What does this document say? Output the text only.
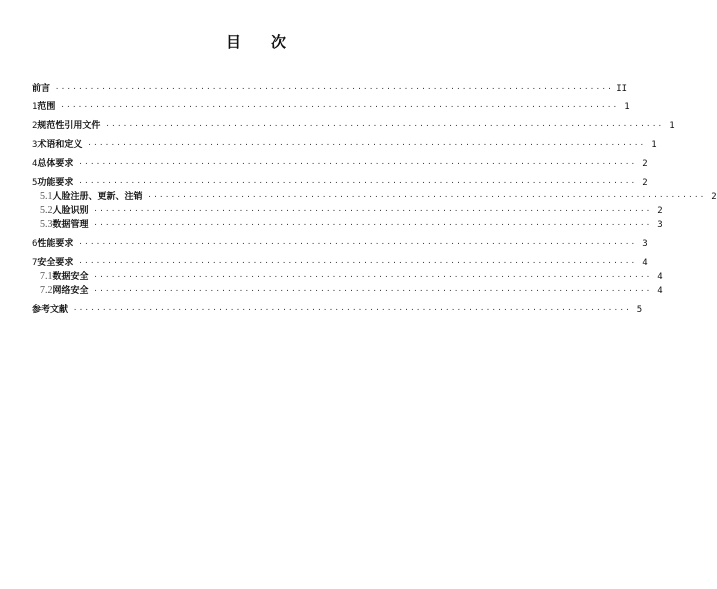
目 次
前言 ································································································ II
1 范围 ································································································ 1
2 规范性引用文件 ································································································ 1
3 术语和定义 ································································································ 1
4 总体要求 ································································································ 2
5 功能要求 ································································································ 2
5.1 人脸注册、更新、注销 ································································································ 2
5.2 人脸识别 ································································································ 2
5.3 数据管理 ································································································ 3
6 性能要求 ································································································ 3
7 安全要求 ································································································ 4
7.1 数据安全 ································································································ 4
7.2 网络安全 ································································································ 4
参考文献 ································································································ 5
